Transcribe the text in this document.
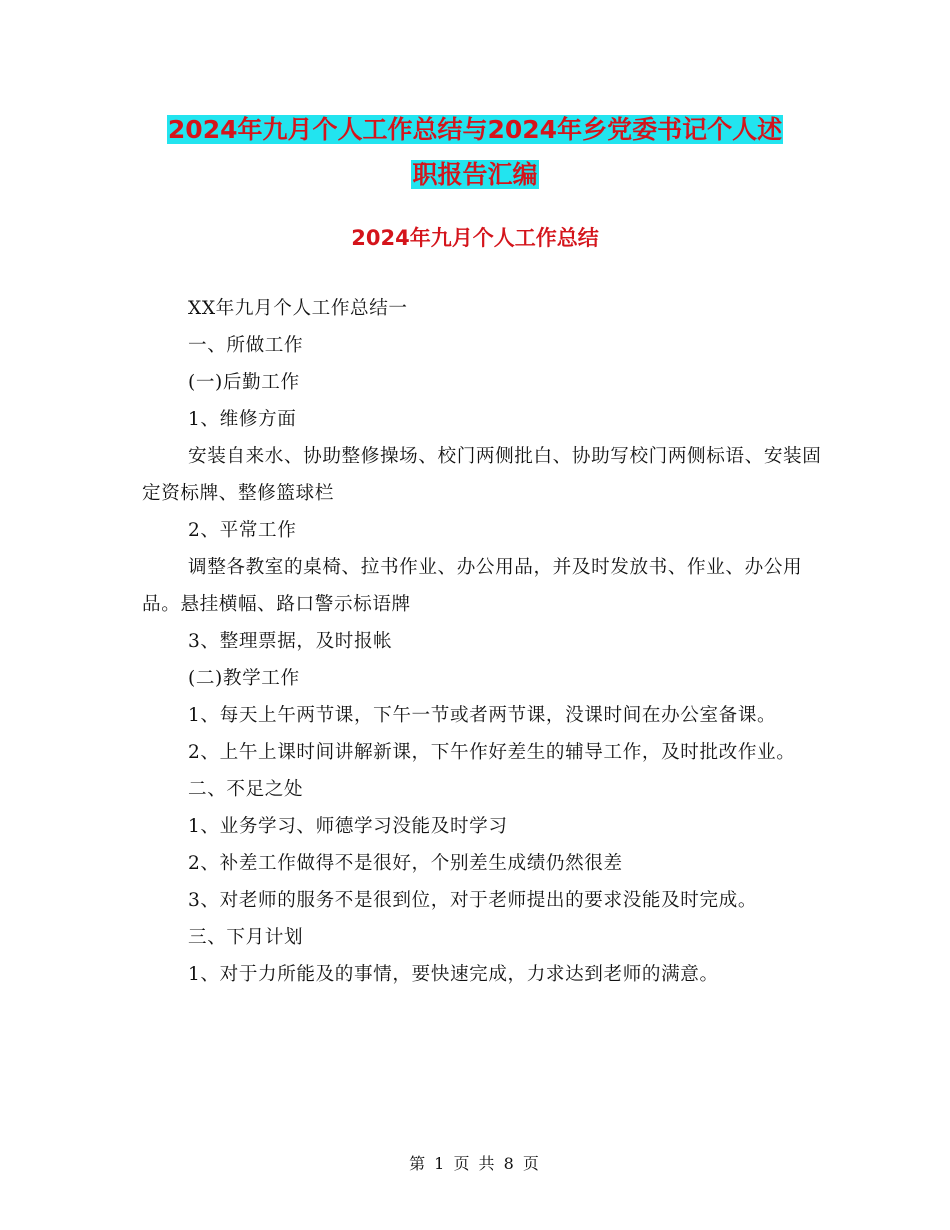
2024年九月个人工作总结与2024年乡党委书记个人述
职报告汇编
2024年九月个人工作总结

XX年九月个人工作总结一

一、所做工作

(一)后勤工作

1、维修方面

安装自来水、协助整修操场、校门两侧批白、协助写校门两侧标语、安装固定资标牌、整修篮球栏

2、平常工作

调整各教室的桌椅、拉书作业、办公用品，并及时发放书、作业、办公用品。悬挂横幅、路口警示标语牌

3、整理票据，及时报帐

(二)教学工作

1、每天上午两节课，下午一节或者两节课，没课时间在办公室备课。

2、上午上课时间讲解新课，下午作好差生的辅导工作，及时批改作业。

二、不足之处

1、业务学习、师德学习没能及时学习

2、补差工作做得不是很好，个别差生成绩仍然很差

3、对老师的服务不是很到位，对于老师提出的要求没能及时完成。

三、下月计划

1、对于力所能及的事情，要快速完成，力求达到老师的满意。

第 1 页 共 8 页
